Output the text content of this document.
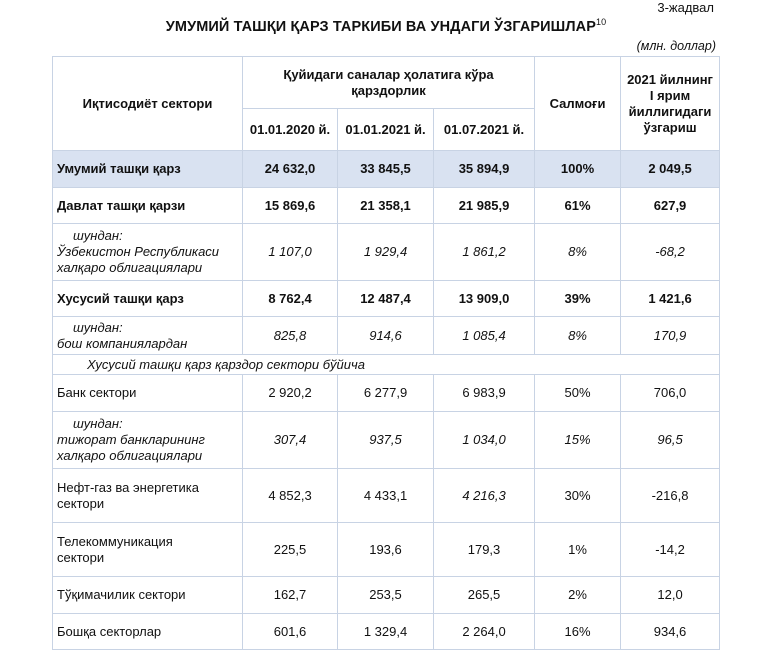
3-жадвал
УМУМИЙ ТАШҚИ ҚАРЗ ТАРКИБИ ВА УНДАГИ ЎЗГАРИШЛАР$^{10}$
(млн. доллар)
Иқтисодиёт сектори	Қуйидаги саналар ҳолатига кўра қарздорлик			Салмоғи	2021 йилнинг
I ярим
йиллигидаги
ўзгариш

	01.01.2020 й.	01.01.2021 й.	01.07.2021 й.		

Умумий ташқи қарз	24 632,0	33 845,5	35 894,9	100%	2 049,5

Давлат ташқи қарзи	15 869,6	21 358,1	21 985,9	61%	627,9

шундан:
Ўзбекистон Республикаси
халқаро облигациялари	1 107,0	1 929,4	1 861,2	8%	-68,2

Хусусий ташқи қарз	8 762,4	12 487,4	13 909,0	39%	1 421,6

шундан:
бош компаниялардан	825,8	914,6	1 085,4	8%	170,9
Хусусий ташқи қарз қарздор сектори бўйича					

Банк сектори	2 920,2	6 277,9	6 983,9	50%	706,0

шундан:
тижорат банкларининг
халқаро облигациялари	307,4	937,5	1 034,0	15%	96,5

Нефт-газ ва энергетика
сектори	4 852,3	4 433,1	4 216,3	30%	-216,8

Телекоммуникация
сектори	225,5	193,6	179,3	1%	-14,2

Тўқимачилик сектори	162,7	253,5	265,5	2%	12,0

Бошқа секторлар	601,6	1 329,4	2 264,0	16%	934,6
